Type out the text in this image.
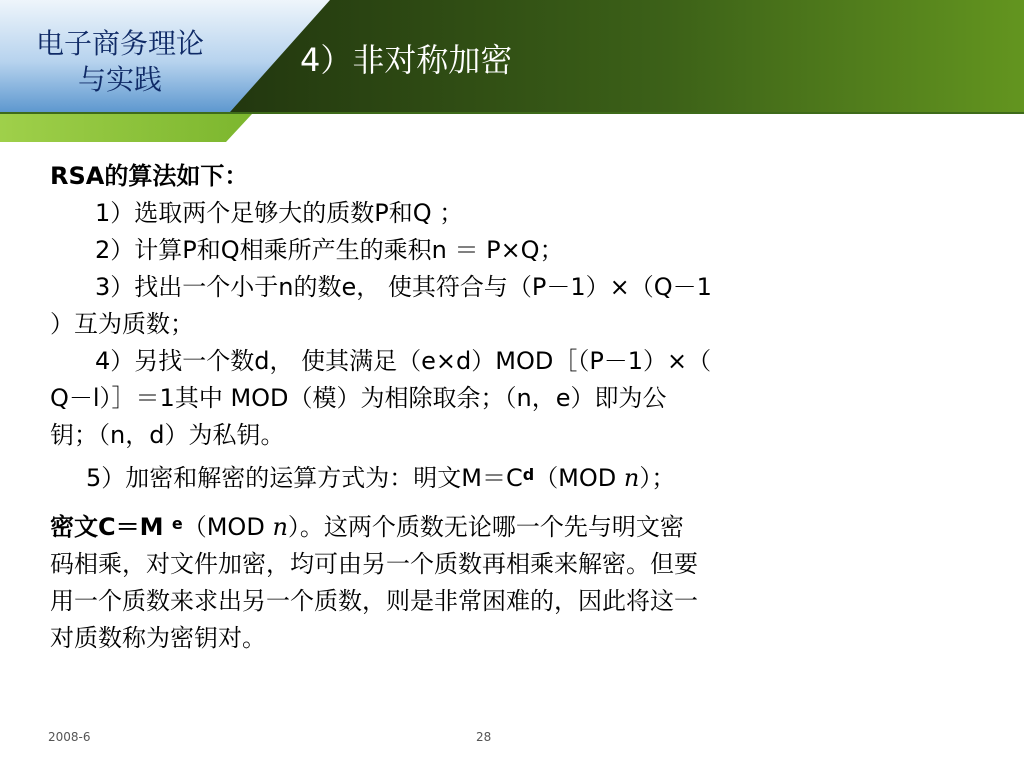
电子商务理论
与实践
4）非对称加密

RSA的算法如下：

1）选取两个足够大的质数P和Q ；

2）计算P和Q相乘所产生的乘积n ＝ P×Q；

3）找出一个小于n的数e， 使其符合与（P－1）×（Q－1

）互为质数；

4）另找一个数d， 使其满足（e×d）MOD［（P－1）×（

Q－l）］＝1其中 MOD（模）为相除取余；（n，e）即为公

钥；（n，d）为私钥。

5）加密和解密的运算方式为：明文$M=C^d(MOD$ n）；

密文C＝M $^e$（MOD n）。这两个质数无论哪一个先与明文密

码相乘，对文件加密，均可由另一个质数再相乘来解密。但要

用一个质数来求出另一个质数，则是非常困难的，因此将这一

对质数称为密钥对。

2008-6	28
